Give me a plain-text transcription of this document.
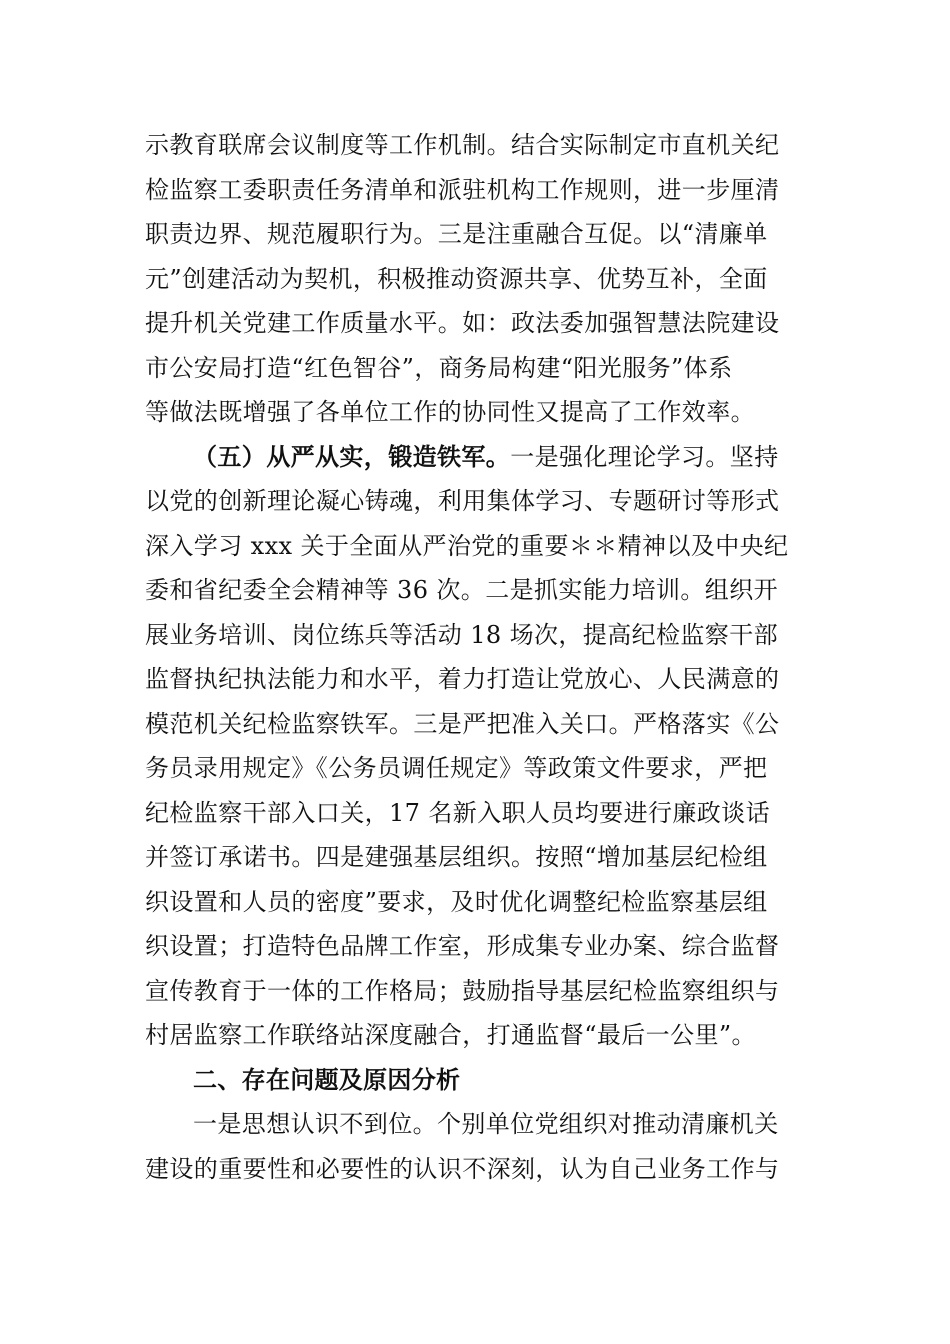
示教育联席会议制度等工作机制。结合实际制定市直机关纪
检监察工委职责任务清单和派驻机构工作规则，进一步厘清
职责边界、规范履职行为。三是注重融合互促。以“清廉单
元”创建活动为契机，积极推动资源共享、优势互补，全面
提升机关党建工作质量水平。如：政法委加强智慧法院建设
市公安局打造“红色智谷”，商务局构建“阳光服务”体系
等做法既增强了各单位工作的协同性又提高了工作效率。
（五）从严从实，锻造铁军。一是强化理论学习。坚持
以党的创新理论凝心铸魂，利用集体学习、专题研讨等形式
深入学习 xxx 关于全面从严治党的重要＊＊精神以及中央纪
委和省纪委全会精神等 36 次。二是抓实能力培训。组织开
展业务培训、岗位练兵等活动 18 场次，提高纪检监察干部
监督执纪执法能力和水平，着力打造让党放心、人民满意的
模范机关纪检监察铁军。三是严把准入关口。严格落实《公
务员录用规定》《公务员调任规定》等政策文件要求，严把
纪检监察干部入口关，17 名新入职人员均要进行廉政谈话
并签订承诺书。四是建强基层组织。按照“增加基层纪检组
织设置和人员的密度”要求，及时优化调整纪检监察基层组
织设置；打造特色品牌工作室，形成集专业办案、综合监督
宣传教育于一体的工作格局；鼓励指导基层纪检监察组织与
村居监察工作联络站深度融合，打通监督“最后一公里”。
二、存在问题及原因分析
一是思想认识不到位。个别单位党组织对推动清廉机关
建设的重要性和必要性的认识不深刻，认为自己业务工作与
